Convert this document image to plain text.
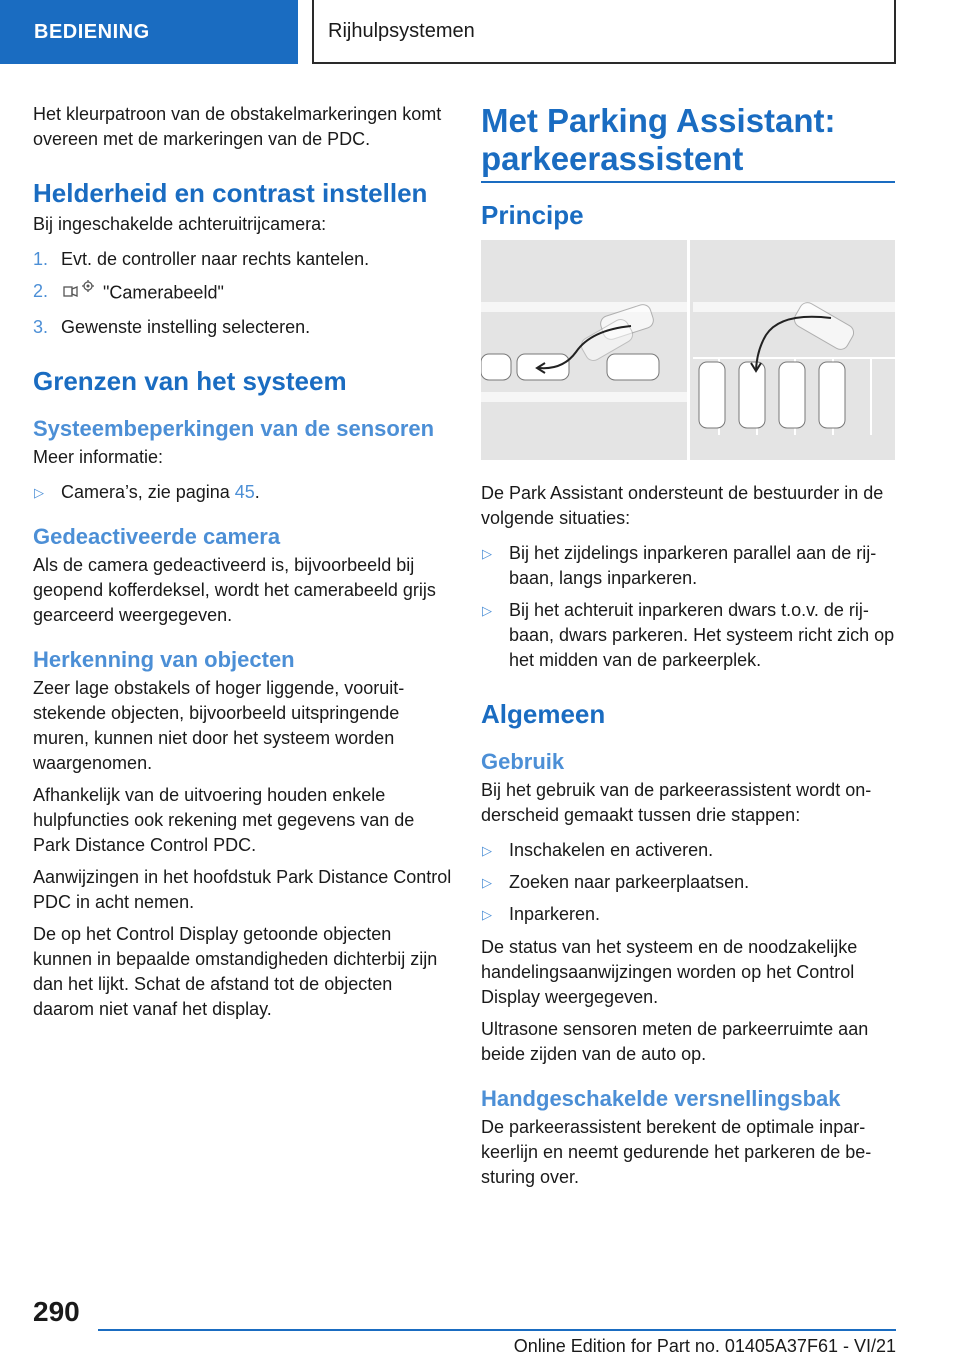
BEDIENING	Rijhulpsystemen

Het kleurpatroon van de obstakelmarkeringen komt overeen met de markeringen van de PDC.

Helderheid en contrast instellen

Bij ingeschakelde achteruitrijcamera:

1. Evt. de controller naar rechts kantelen.
2.	"Camerabeeld"
3. Gewenste instelling selecteren.
Grenzen van het systeem
Systeembeperkingen van de sensoren

Meer informatie:

▷ Camera’s, zie pagina 45.
Gedeactiveerde camera

Als de camera gedeactiveerd is, bijvoorbeeld bij geopend kofferdeksel, wordt het camerabeeld grijs gearceerd weergegeven.

Herkenning van objecten

Zeer lage obstakels of hoger liggende, vooruit- stekende objecten, bijvoorbeeld uitspringende muren, kunnen niet door het systeem worden waargenomen.

Afhankelijk van de uitvoering houden enkele hulpfuncties ook rekening met gegevens van de Park Distance Control PDC.

Aanwijzingen in het hoofdstuk Park Distance Control PDC in acht nemen.

De op het Control Display getoonde objecten kunnen in bepaalde omstandigheden dichterbij zijn dan het lijkt. Schat de afstand tot de objecten daarom niet vanaf het display.

Met Parking Assistant: parkeerassistent
Principe

De Park Assistant ondersteunt de bestuurder in de volgende situaties:

▷ Bij het zijdelings inparkeren parallel aan de rij- baan, langs inparkeren.
▷ Bij het achteruit inparkeren dwars t.o.v. de rij- baan, dwars parkeren. Het systeem richt zich op het midden van de parkeerplek.
Algemeen
Gebruik

Bij het gebruik van de parkeerassistent wordt on- derscheid gemaakt tussen drie stappen:

▷ Inschakelen en activeren.
▷ Zoeken naar parkeerplaatsen.
▷ Inparkeren.

De status van het systeem en de noodzakelijke handelingsaanwijzingen worden op het Control Display weergegeven.

Ultrasone sensoren meten de parkeerruimte aan beide zijden van de auto op.

Handgeschakelde versnellingsbak

De parkeerassistent berekent de optimale inpar- keerlijn en neemt gedurende het parkeren de be- sturing over.

290
Online Edition for Part no. 01405A37F61 - VI/21
